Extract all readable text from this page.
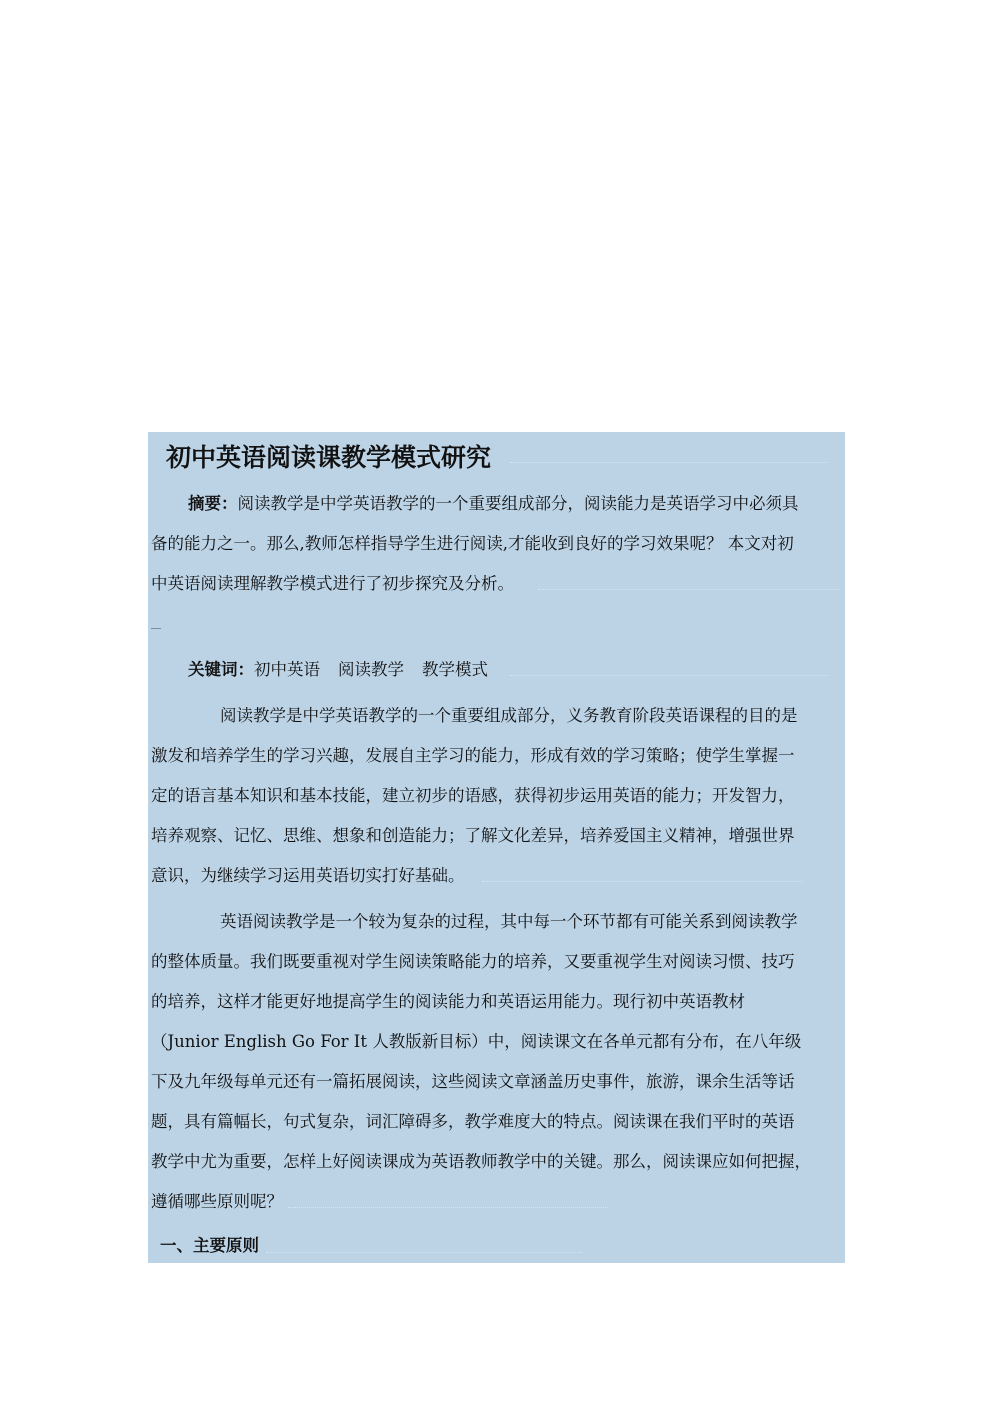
初中英语阅读课教学模式研究
摘要：阅读教学是中学英语教学的一个重要组成部分，阅读能力是英语学习中必须具
备的能力之一。那么,教师怎样指导学生进行阅读,才能收到良好的学习效果呢？ 本文对初
中英语阅读理解教学模式进行了初步探究及分析。
关键词：初中英语 阅读教学 教学模式
阅读教学是中学英语教学的一个重要组成部分，义务教育阶段英语课程的目的是
激发和培养学生的学习兴趣，发展自主学习的能力，形成有效的学习策略；使学生掌握一
定的语言基本知识和基本技能，建立初步的语感，获得初步运用英语的能力；开发智力，
培养观察、记忆、思维、想象和创造能力；了解文化差异，培养爱国主义精神，增强世界
意识，为继续学习运用英语切实打好基础。
英语阅读教学是一个较为复杂的过程，其中每一个环节都有可能关系到阅读教学
的整体质量。我们既要重视对学生阅读策略能力的培养，又要重视学生对阅读习惯、技巧
的培养，这样才能更好地提高学生的阅读能力和英语运用能力。现行初中英语教材
（Junior English Go For It 人教版新目标）中，阅读课文在各单元都有分布，在八年级
下及九年级每单元还有一篇拓展阅读，这些阅读文章涵盖历史事件，旅游，课余生活等话
题，具有篇幅长，句式复杂，词汇障碍多，教学难度大的特点。阅读课在我们平时的英语
教学中尤为重要，怎样上好阅读课成为英语教师教学中的关键。那么，阅读课应如何把握，
遵循哪些原则呢？
一、主要原则
